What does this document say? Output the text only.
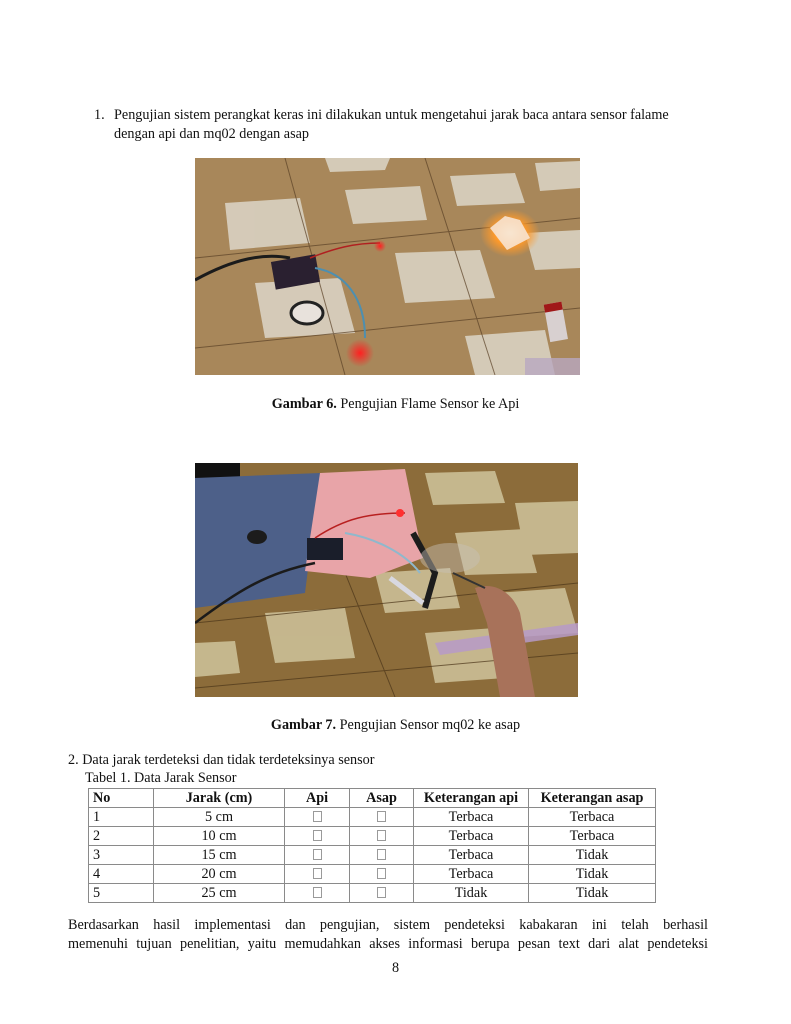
1. Pengujian sistem perangkat keras ini dilakukan untuk mengetahui jarak baca antara sensor falame dengan api dan mq02 dengan asap
Gambar 6. Pengujian Flame Sensor ke Api
Gambar 7. Pengujian Sensor mq02 ke asap
2. Data jarak terdeteksi dan tidak terdeteksinya sensor
Tabel 1. Data Jarak Sensor
No	Jarak (cm)	Api	Asap	Keterangan api	Keterangan asap
1	5 cm			Terbaca	Terbaca
2	10 cm			Terbaca	Terbaca
3	15 cm			Terbaca	Tidak
4	20 cm			Terbaca	Tidak
5	25 cm			Tidak	Tidak
Berdasarkan hasil implementasi dan pengujian, sistem pendeteksi kabakaran ini telah berhasil
memenuhi tujuan penelitian, yaitu memudahkan akses informasi berupa pesan text dari alat pendeteksi
8
